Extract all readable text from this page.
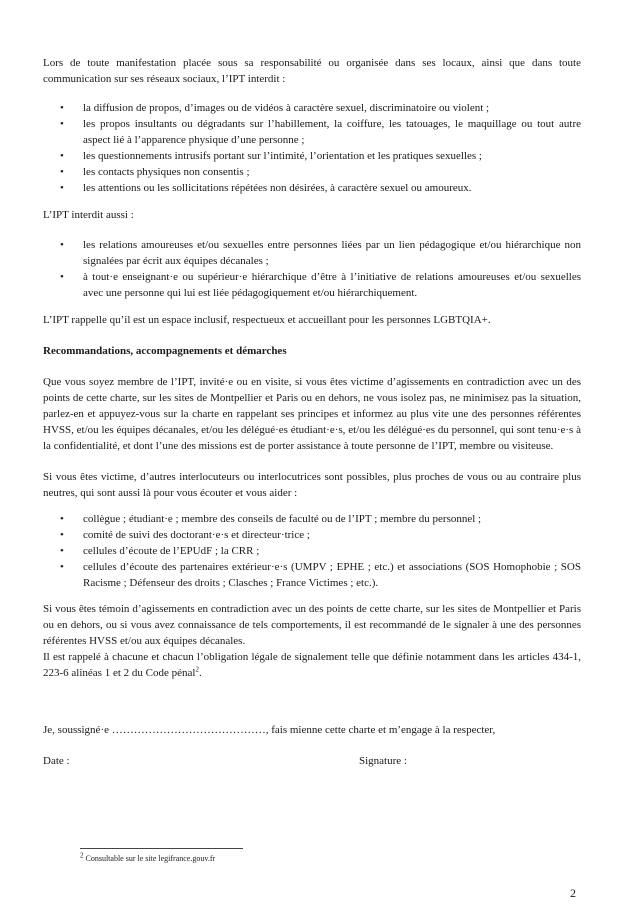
Lors de toute manifestation placée sous sa responsabilité ou organisée dans ses locaux, ainsi que dans toute communication sur ses réseaux sociaux, l’IPT interdit :

•	la diffusion de propos, d’images ou de vidéos à caractère sexuel, discriminatoire ou violent ;
•	les propos insultants ou dégradants sur l’habillement, la coiffure, les tatouages, le maquillage ou tout autre aspect lié à l’apparence physique d’une personne ;
•	les questionnements intrusifs portant sur l’intimité, l’orientation et les pratiques sexuelles ;
•	les contacts physiques non consentis ;
•	les attentions ou les sollicitations répétées non désirées, à caractère sexuel ou amoureux.

L’IPT interdit aussi :

•	les relations amoureuses et/ou sexuelles entre personnes liées par un lien pédagogique et/ou hiérarchique non signalées par écrit aux équipes décanales ;
•	à tout·e enseignant·e ou supérieur·e hiérarchique d’être à l’initiative de relations amoureuses et/ou sexuelles avec une personne qui lui est liée pédagogiquement et/ou hiérarchiquement.

L’IPT rappelle qu’il est un espace inclusif, respectueux et accueillant pour les personnes LGBTQIA+.

Recommandations, accompagnements et démarches

Que vous soyez membre de l’IPT, invité·e ou en visite, si vous êtes victime d’agissements en contradiction avec un des points de cette charte, sur les sites de Montpellier et Paris ou en dehors, ne vous isolez pas, ne minimisez pas la situation, parlez-en et appuyez-vous sur la charte en rappelant ses principes et informez au plus vite une des personnes référentes HVSS, et/ou les équipes décanales, et/ou les délégué·es étudiant·e·s, et/ou les délégué·es du personnel, qui sont tenu·e·s à la confidentialité, et dont l’une des missions est de porter assistance à toute personne de l’IPT, membre ou visiteuse.

Si vous êtes victime, d’autres interlocuteurs ou interlocutrices sont possibles, plus proches de vous ou au contraire plus neutres, qui sont aussi là pour vous écouter et vous aider :

•	collègue ; étudiant·e ; membre des conseils de faculté ou de l’IPT ; membre du personnel ;
•	comité de suivi des doctorant·e·s et directeur·trice ;
•	cellules d’écoute de l’EPUdF ; la CRR ;
•	cellules d’écoute des partenaires extérieur·e·s (UMPV ; EPHE ; etc.) et associations (SOS Homophobie ; SOS Racisme ; Défenseur des droits ; Clasches ; France Victimes ; etc.).

Si vous êtes témoin d’agissements en contradiction avec un des points de cette charte, sur les sites de Montpellier et Paris ou en dehors, ou si vous avez connaissance de tels comportements, il est recommandé de le signaler à une des personnes référentes HVSS et/ou aux équipes décanales.

Il est rappelé à chacune et chacun l’obligation légale de signalement telle que définie notamment dans les articles 434-1, 223-6 alinéas 1 et 2 du Code pénal$^2$.

Je, soussigné·e ……………………………………, fais mienne cette charte et m’engage à la respecter,

Date :	Signature :
$^2$ Consultable sur le site legifrance.gouv.fr
2
